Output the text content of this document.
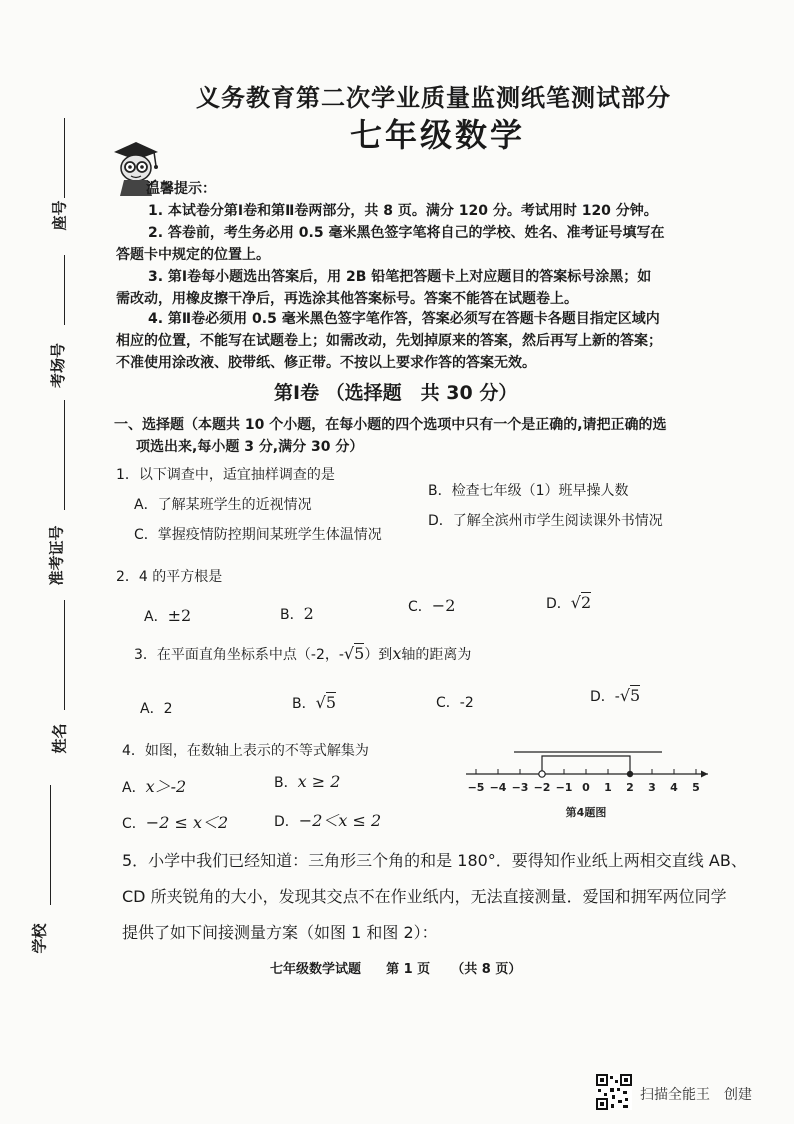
座号
考场号
准考证号
姓名
学校
义务教育第二次学业质量监测纸笔测试部分
七年级数学
温馨提示：
1. 本试卷分第Ⅰ卷和第Ⅱ卷两部分，共 8 页。满分 120 分。考试用时 120 分钟。
2. 答卷前，考生务必用 0.5 毫米黑色签字笔将自己的学校、姓名、准考证号填写在
答题卡中规定的位置上。
3. 第Ⅰ卷每小题选出答案后，用 2B 铅笔把答题卡上对应题目的答案标号涂黑；如
需改动，用橡皮擦干净后，再选涂其他答案标号。答案不能答在试题卷上。
4. 第Ⅱ卷必须用 0.5 毫米黑色签字笔作答，答案必须写在答题卡各题目指定区域内
相应的位置，不能写在试题卷上；如需改动，先划掉原来的答案，然后再写上新的答案；
不准使用涂改液、胶带纸、修正带。不按以上要求作答的答案无效。
第Ⅰ卷 （选择题　共 30 分）
一、选择题（本题共 10 个小题，在每小题的四个选项中只有一个是正确的,请把正确的选
项选出来,每小题 3 分,满分 30 分）
1．以下调查中，适宜抽样调查的是
A．了解某班学生的近视情况
B．检查七年级（1）班早操人数
C．掌握疫情防控期间某班学生体温情况
D．了解全滨州市学生阅读课外书情况
2．4 的平方根是
A．±2	B．2	C．−2	D．√2
3．在平面直角坐标系中点（-2，-√5）到x轴的距离为
A．2	B．√5	C．-2	D．-√5
4．如图，在数轴上表示的不等式解集为
A．x＞-2	B．x ≥ 2
C．−2 ≤ x＜2	D．−2＜x ≤ 2
−5 −4 −3 −2 −1 0 1 2 3 4 5
第4题图
5．小学中我们已经知道：三角形三个角的和是 180°．要得知作业纸上两相交直线 AB、
CD 所夹锐角的大小，发现其交点不在作业纸内，无法直接测量．爱国和拥军两位同学
提供了如下间接测量方案（如图 1 和图 2）：
七年级数学试题 第 1 页 （共 8 页）
扫描全能王　创建
